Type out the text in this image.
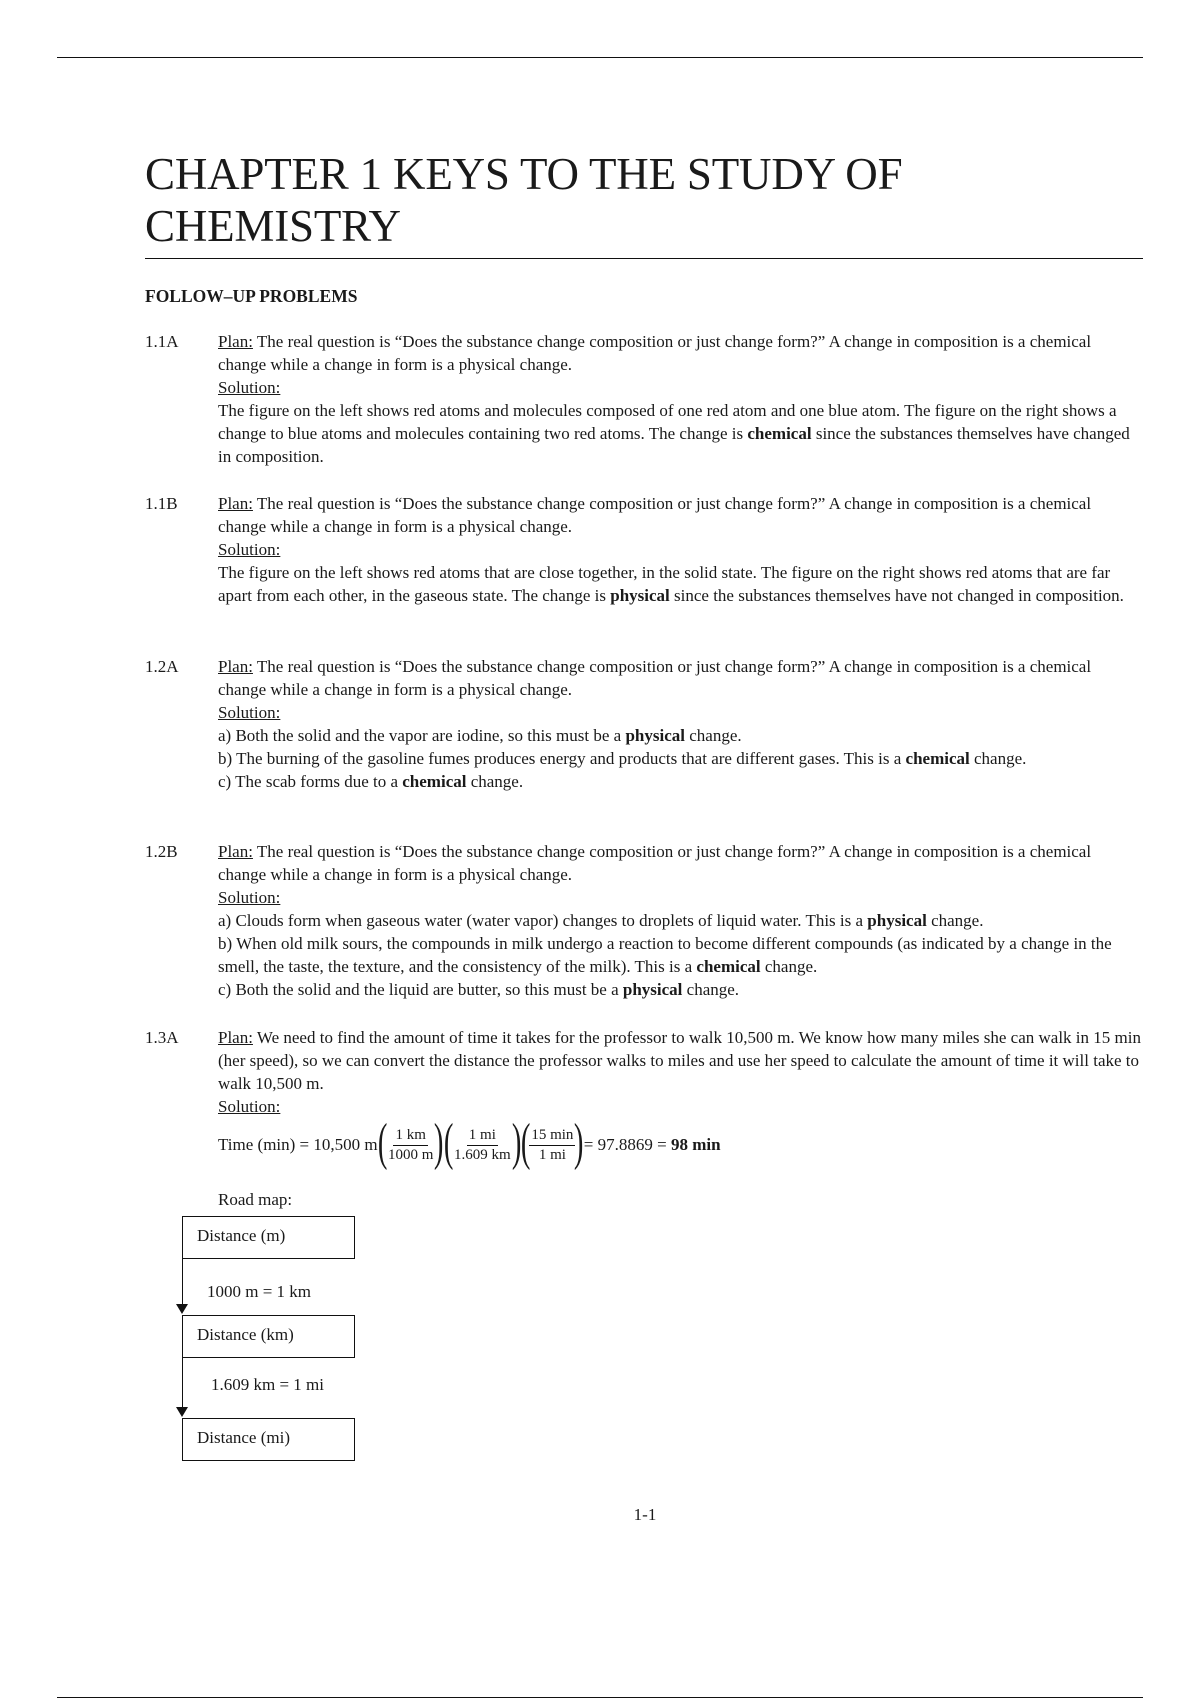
CHAPTER 1 KEYS TO THE STUDY OF
CHEMISTRY
FOLLOW–UP PROBLEMS
1.1A Plan: The real question is “Does the substance change composition or just change form?” A change in composition is a chemical change while a change in form is a physical change.

Solution:

The figure on the left shows red atoms and molecules composed of one red atom and one blue atom. The figure on the right shows a change to blue atoms and molecules containing two red atoms. The change is chemical since the substances themselves have changed in composition.

1.1B Plan: The real question is “Does the substance change composition or just change form?” A change in composition is a chemical change while a change in form is a physical change.

Solution:

The figure on the left shows red atoms that are close together, in the solid state. The figure on the right shows red atoms that are far apart from each other, in the gaseous state. The change is physical since the substances themselves have not changed in composition.

1.2A Plan: The real question is “Does the substance change composition or just change form?” A change in composition is a chemical change while a change in form is a physical change.

Solution:

a) Both the solid and the vapor are iodine, so this must be a physical change.

b) The burning of the gasoline fumes produces energy and products that are different gases. This is a chemical change.

c) The scab forms due to a chemical change.

1.2B Plan: The real question is “Does the substance change composition or just change form?” A change in composition is a chemical change while a change in form is a physical change.

Solution:

a) Clouds form when gaseous water (water vapor) changes to droplets of liquid water. This is a physical change.

b) When old milk sours, the compounds in milk undergo a reaction to become different compounds (as indicated by a change in the smell, the taste, the texture, and the consistency of the milk). This is a chemical change.

c) Both the solid and the liquid are butter, so this must be a physical change.

1.3A Plan: We need to find the amount of time it takes for the professor to walk 10,500 m. We know how many miles she can walk in 15 min (her speed), so we can convert the distance the professor walks to miles and use her speed to calculate the amount of time it will take to walk 10,500 m.

Solution:

Time (min) = 10,500 m (
$\frac{1 km}{1000 m}$
) (
$\frac{1 mi}{1.609 km}$
) (
$\frac{15 \min}{1 mi}$
) = 97.8869 = 98 min
Road map:
Distance (m)
1000 m = 1 km
Distance (km)
1.609 km = 1 mi
Distance (mi)
1-1
